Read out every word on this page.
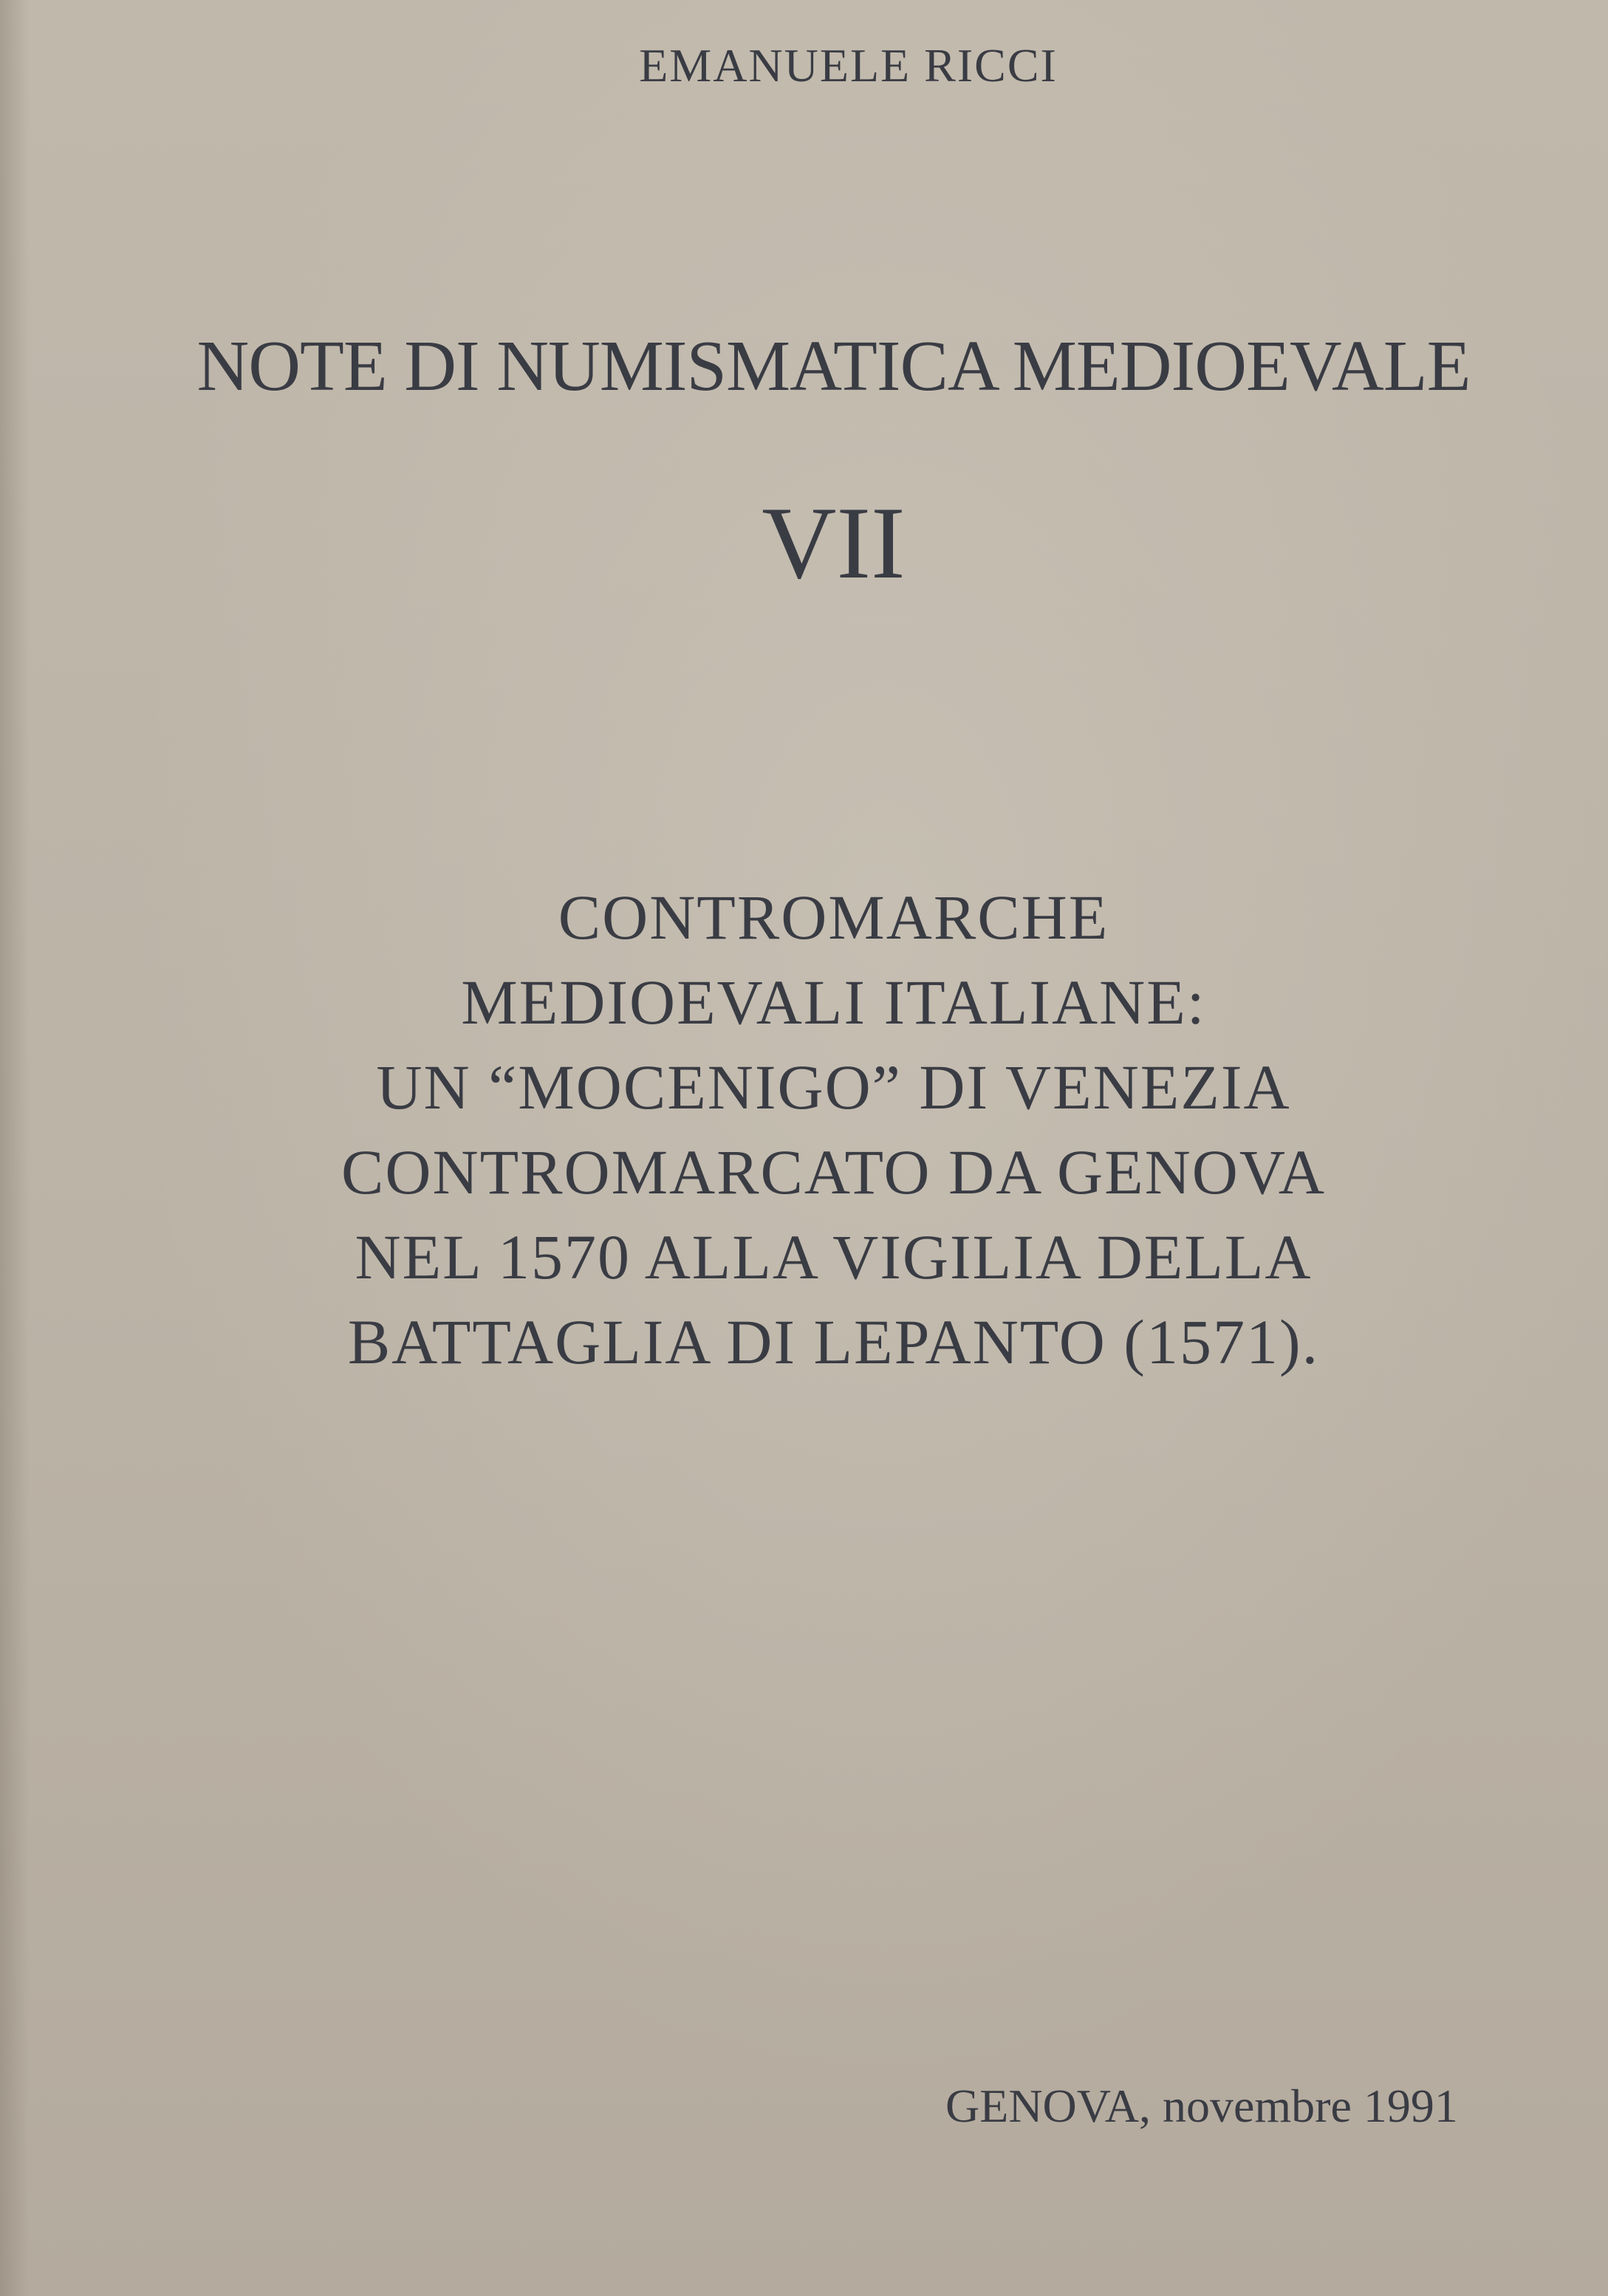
EMANUELE RICCI
NOTE DI NUMISMATICA MEDIOEVALE
VII
CONTROMARCHE
MEDIOEVALI ITALIANE:
UN “MOCENIGO” DI VENEZIA
CONTROMARCATO DA GENOVA
NEL 1570 ALLA VIGILIA DELLA
BATTAGLIA DI LEPANTO (1571).
GENOVA, novembre 1991
